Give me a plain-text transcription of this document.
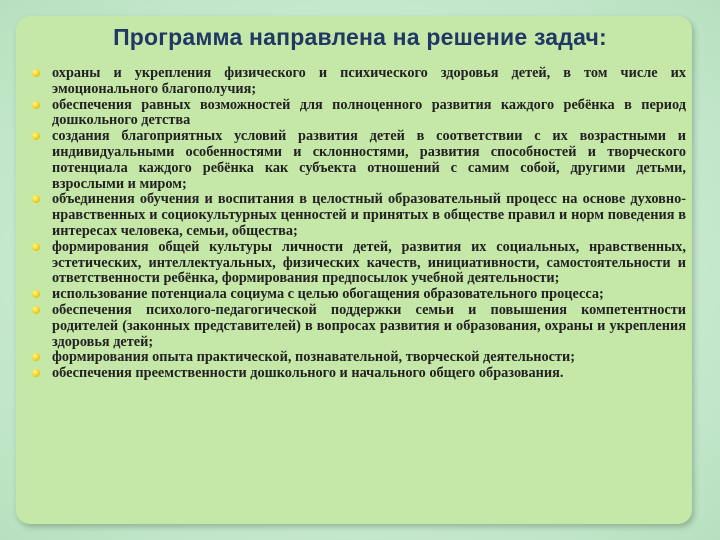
Программа направлена на решение задач:
охраны и укрепления физического и психического здоровья детей, в том числе их эмоционального благополучия;
обеспечения равных возможностей для полноценного развития каждого ребёнка в период дошкольного детства
создания благоприятных условий развития детей в соответствии с их возрастными и индивидуальными особенностями и склонностями, развития способностей и творческого потенциала каждого ребёнка как субъекта отношений с самим собой, другими детьми, взрослыми и миром;
объединения обучения и воспитания в целостный образовательный процесс на основе духовно-нравственных и социокультурных ценностей и принятых в обществе правил и норм поведения в интересах человека, семьи, общества;
формирования общей культуры личности детей, развития их социальных, нравственных, эстетических, интеллектуальных, физических качеств, инициативности, самостоятельности и ответственности ребёнка, формирования предпосылок учебной деятельности;
использование потенциала социума с целью обогащения образовательного процесса;
обеспечения психолого-педагогической поддержки семьи и повышения компетентности родителей (законных представителей) в вопросах развития и образования, охраны и укрепления здоровья детей;
формирования опыта практической, познавательной, творческой деятельности;
обеспечения преемственности дошкольного и начального общего образования.
